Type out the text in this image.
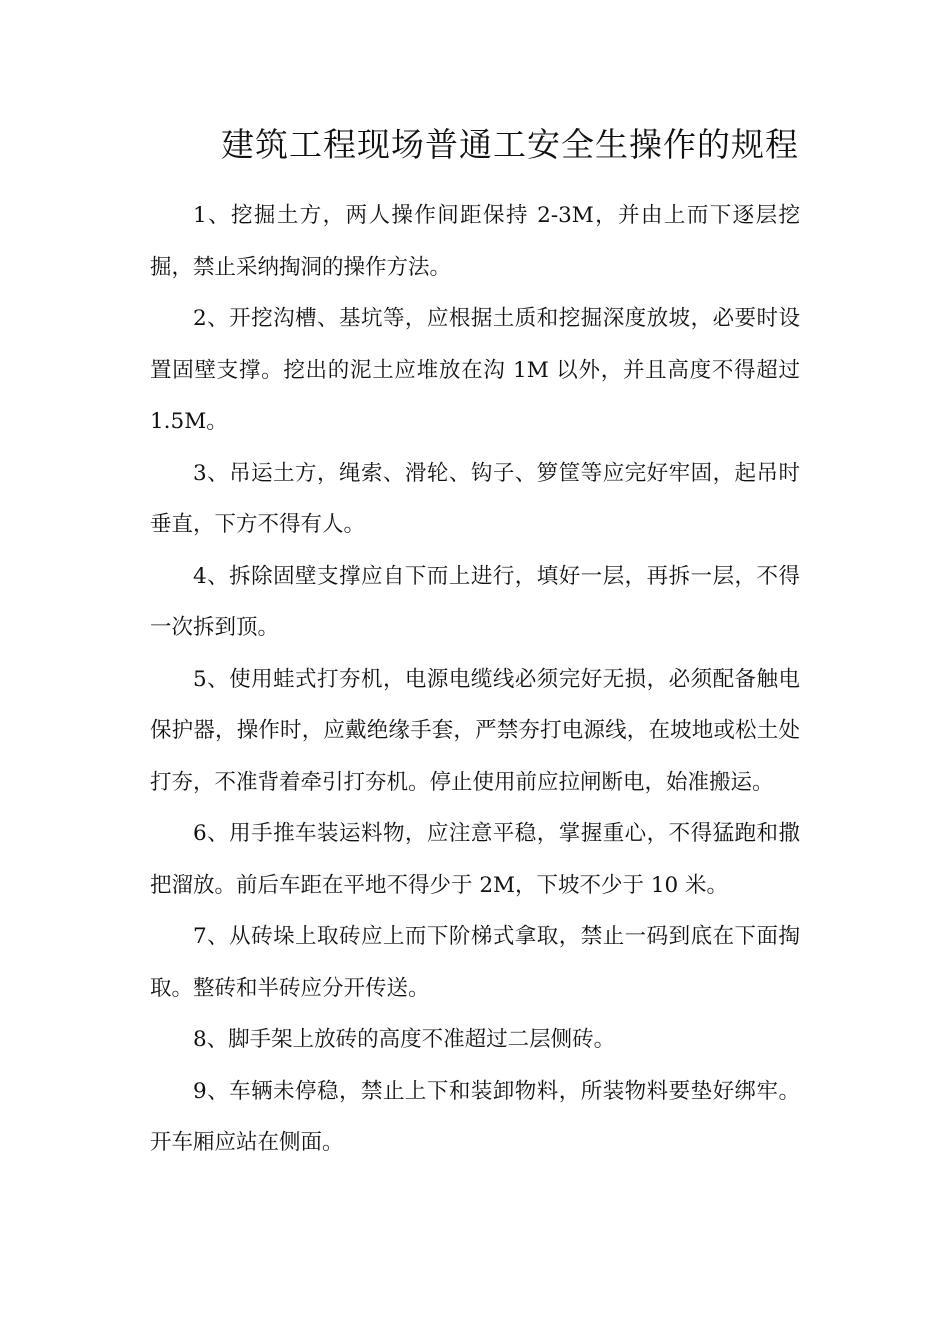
建筑工程现场普通工安全生操作的规程

1、挖掘土方，两人操作间距保持 2-3M，并由上而下逐层挖掘，禁止采纳掏洞的操作方法。

2、开挖沟槽、基坑等，应根据土质和挖掘深度放坡，必要时设置固壁支撑。挖出的泥土应堆放在沟 1M 以外，并且高度不得超过 1.5M。

3、吊运土方，绳索、滑轮、钩子、箩筐等应完好牢固，起吊时垂直，下方不得有人。

4、拆除固壁支撑应自下而上进行，填好一层，再拆一层，不得一次拆到顶。

5、使用蛙式打夯机，电源电缆线必须完好无损，必须配备触电保护器，操作时，应戴绝缘手套，严禁夯打电源线，在坡地或松土处打夯，不准背着牵引打夯机。停止使用前应拉闸断电，始准搬运。

6、用手推车装运料物，应注意平稳，掌握重心，不得猛跑和撒把溜放。前后车距在平地不得少于 2M，下坡不少于 10 米。

7、从砖垛上取砖应上而下阶梯式拿取，禁止一码到底在下面掏取。整砖和半砖应分开传送。

8、脚手架上放砖的高度不准超过二层侧砖。

9、车辆未停稳，禁止上下和装卸物料，所装物料要垫好绑牢。开车厢应站在侧面。
